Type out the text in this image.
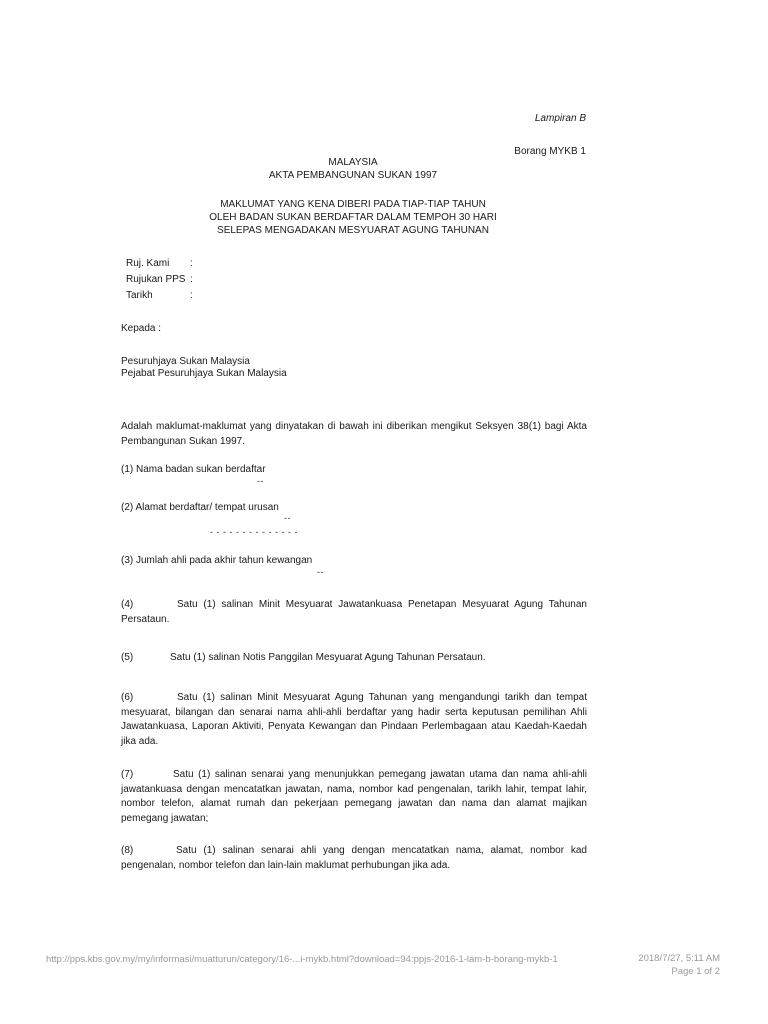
Lampiran B
Borang MYKB 1
MALAYSIA
AKTA PEMBANGUNAN SUKAN 1997
MAKLUMAT YANG KENA DIBERI PADA TIAP-TIAP TAHUN
OLEH BADAN SUKAN BERDAFTAR DALAM TEMPOH 30 HARI
SELEPAS MENGADAKAN MESYUARAT AGUNG TAHUNAN
Ruj. Kami :
Rujukan PPS :
Tarikh	:
Kepada :
Pesuruhjaya Sukan Malaysia
Pejabat Pesuruhjaya Sukan Malaysia
Adalah maklumat-maklumat yang dinyatakan di bawah ini diberikan mengikut Seksyen 38(1) bagi Akta Pembangunan Sukan 1997.
(1) Nama badan sukan berdaftar
--
(2) Alamat berdaftar/ tempat urusan
--
- - - - - - - - - - - - - -
(3) Jumlah ahli pada akhir tahun kewangan
--
(4)	Satu (1) salinan Minit Mesyuarat Jawatankuasa Penetapan Mesyuarat Agung Tahunan Persataun.
(5)	Satu (1) salinan Notis Panggilan Mesyuarat Agung Tahunan Persataun.
(6)	Satu (1) salinan Minit Mesyuarat Agung Tahunan yang mengandungi tarikh dan tempat mesyuarat, bilangan dan senarai nama ahli-ahli berdaftar yang hadir serta keputusan pemilihan Ahli Jawatankuasa, Laporan Aktiviti, Penyata Kewangan dan Pindaan Perlembagaan atau Kaedah-Kaedah jika ada.
(7)	Satu (1) salinan senarai yang menunjukkan pemegang jawatan utama dan nama ahli-ahli jawatankuasa dengan mencatatkan jawatan, nama, nombor kad pengenalan, tarikh lahir, tempat lahir, nombor telefon, alamat rumah dan pekerjaan pemegang jawatan dan nama dan alamat majikan pemegang jawatan;
(8)	Satu (1) salinan senarai ahli yang dengan mencatatkan nama, alamat, nombor kad pengenalan, nombor telefon dan lain-lain maklumat perhubungan jika ada.
http://pps.kbs.gov.my/my/informasi/muatturun/category/16-...i-mykb.html?download=94:ppjs-2016-1-lam-b-borang-mykb-1	2018/7/27, 5:11 AM
Page 1 of 2
